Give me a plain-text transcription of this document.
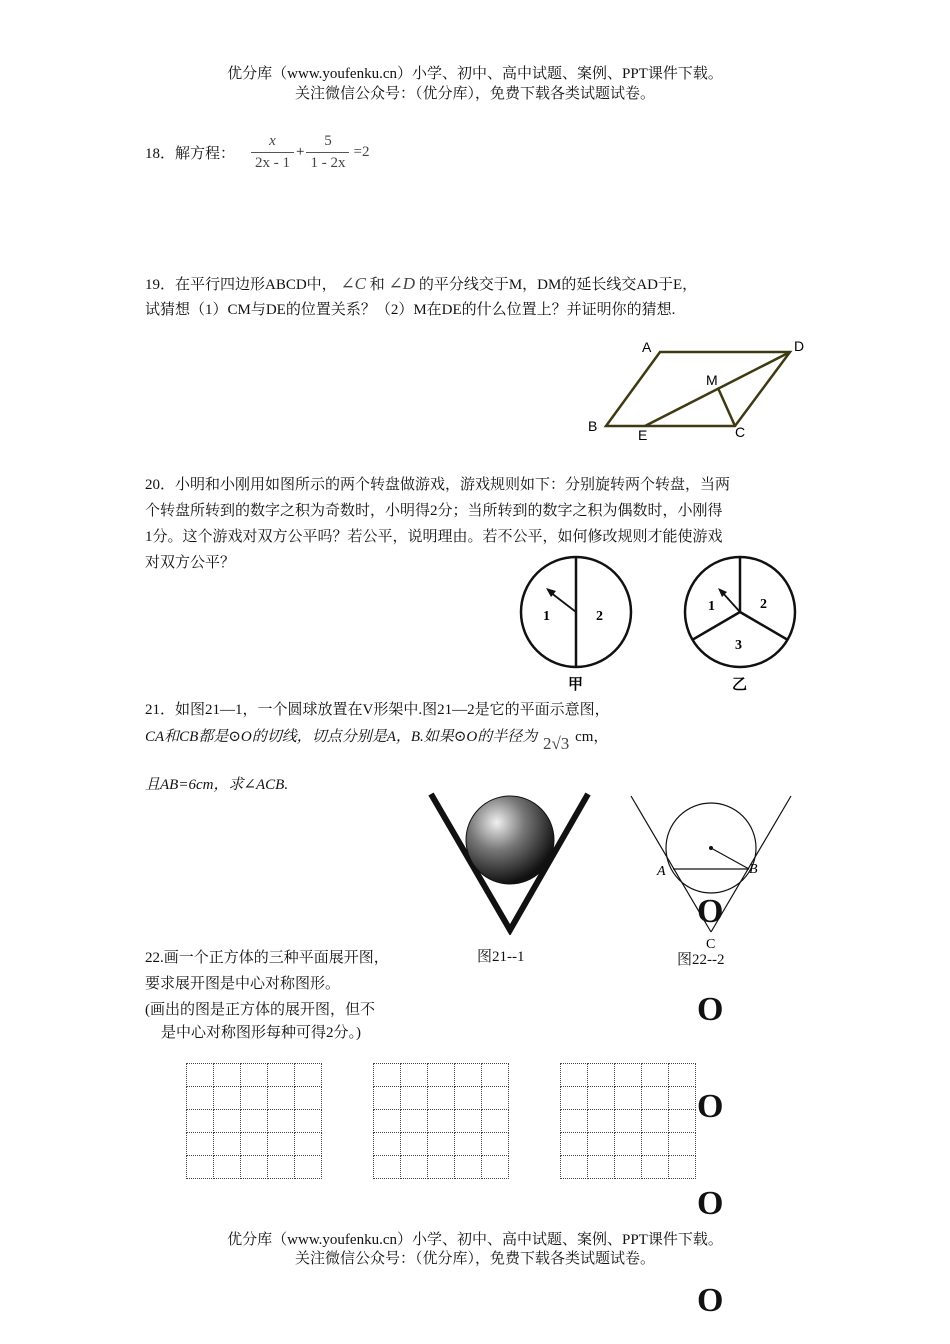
优分库（www.youfenku.cn）小学、初中、高中试题、案例、PPT课件下载。
关注微信公众号：（优分库），免费下载各类试题试卷。
18．解方程： $\frac{x}{2x - 1} + \frac{5}{1 - 2x} =2$
19．在平行四边形ABCD中， ∠C 和 ∠D 的平分线交于M，DM的延长线交AD于E，
试猜想（1）CM与DE的位置关系？（2）M在DE的什么位置上？并证明你的猜想.
A	D
M
B
E	C
20．小明和小刚用如图所示的两个转盘做游戏，游戏规则如下：分别旋转两个转盘，当两
个转盘所转到的数字之积为奇数时，小明得2分；当所转到的数字之积为偶数时，小刚得
1分。这个游戏对双方公平吗？若公平，说明理由。若不公平，如何修改规则才能使游戏
对双方公平？
1	2
甲
1	2
3
乙
21．如图21—1，一个圆球放置在V形架中.图21—2是它的平面示意图，
CA和CB都是⊙O的切线，切点分别是A，B.如果⊙O的半径为 2√3 cm，
且AB=6cm，求∠ACB.
A	B
C
O
图21--1	图22--2
22.画一个正方体的三种平面展开图，
要求展开图是中心对称图形。
(画出的图是正方体的展开图，但不
是中心对称图形每种可得2分。)
O
O
O
O

优分库（www.youfenku.cn）小学、初中、高中试题、案例、PPT课件下载。
关注微信公众号：（优分库），免费下载各类试题试卷。
